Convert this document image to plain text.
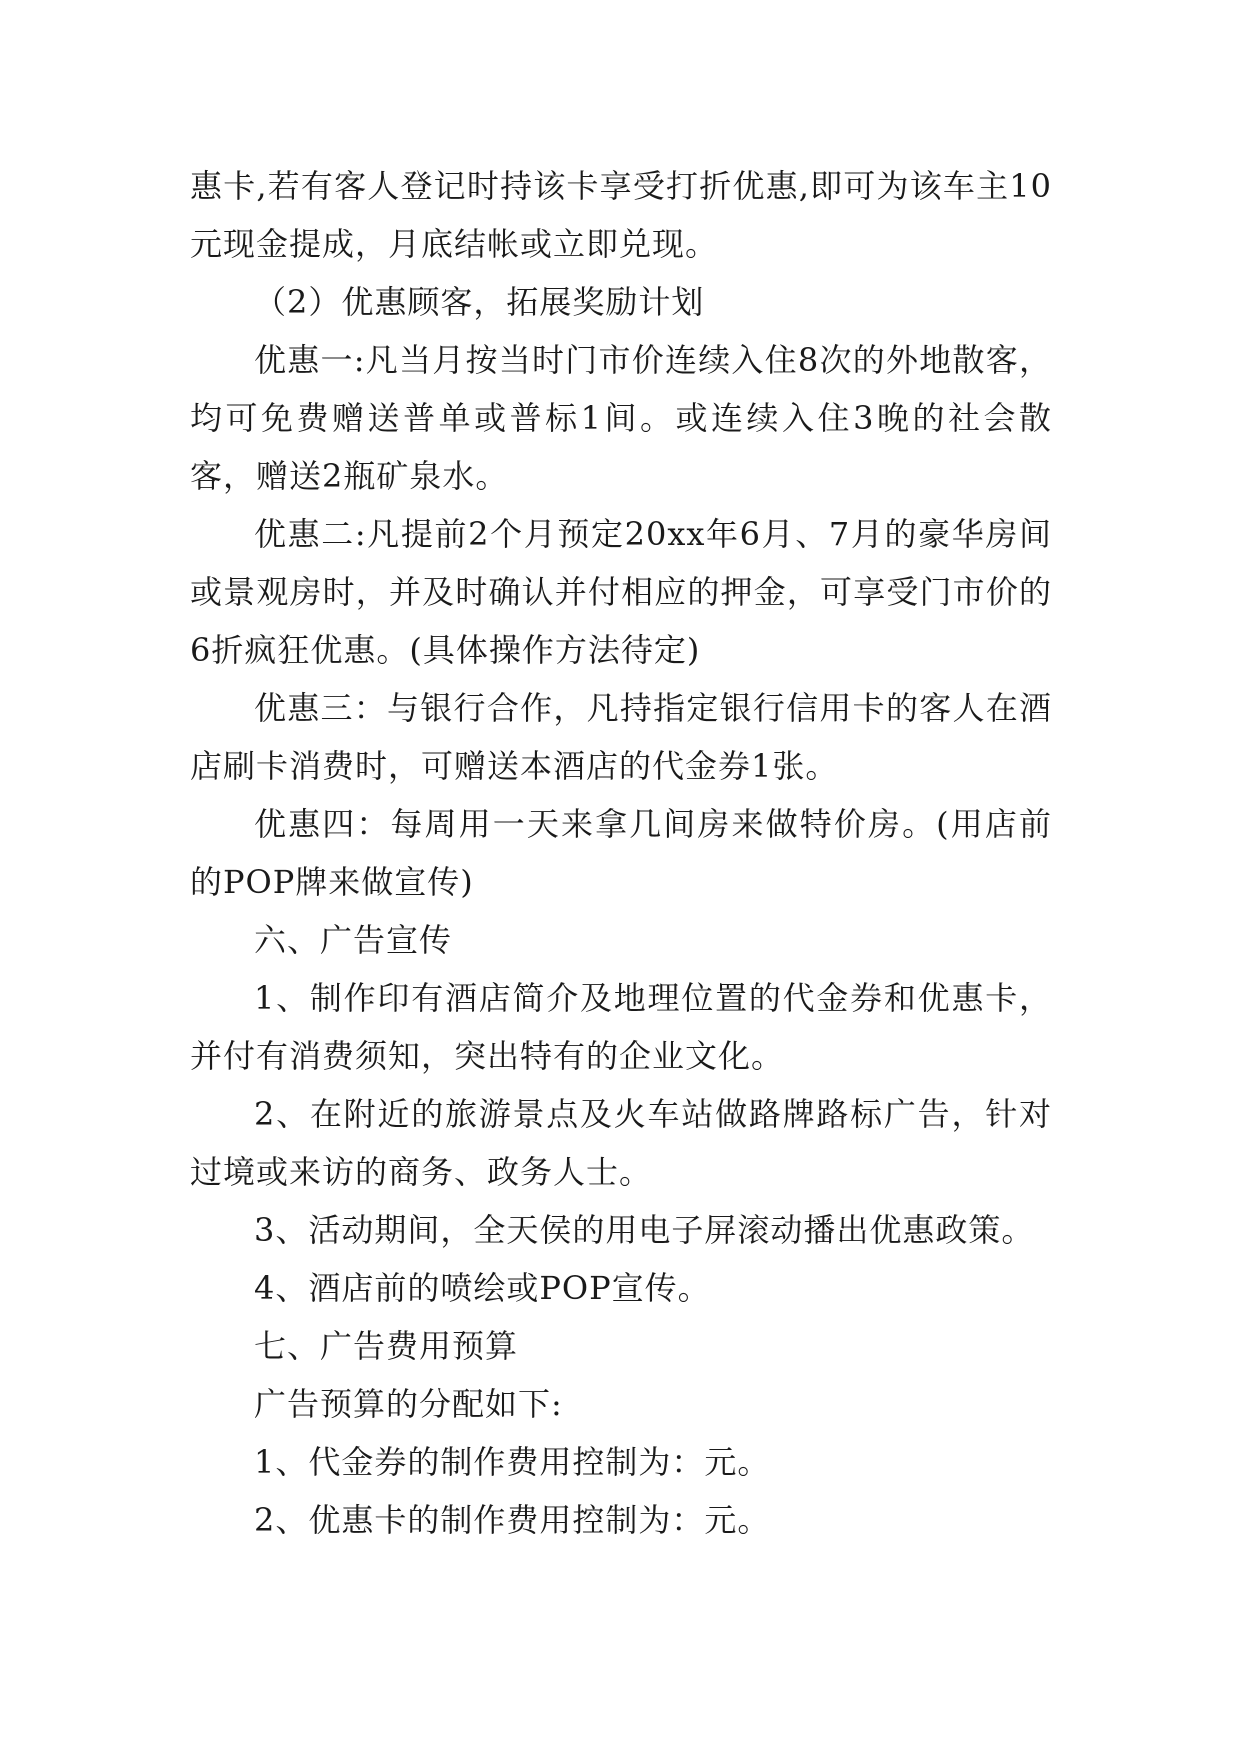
惠卡,若有客人登记时持该卡享受打折优惠,即可为该车主10元现金提成，月底结帐或立即兑现。

（2）优惠顾客，拓展奖励计划

优惠一:凡当月按当时门市价连续入住8次的外地散客，均可免费赠送普单或普标1间。或连续入住3晚的社会散客，赠送2瓶矿泉水。

优惠二:凡提前2个月预定20xx年6月、7月的豪华房间或景观房时，并及时确认并付相应的押金，可享受门市价的6折疯狂优惠。(具体操作方法待定)

优惠三：与银行合作，凡持指定银行信用卡的客人在酒店刷卡消费时，可赠送本酒店的代金券1张。

优惠四：每周用一天来拿几间房来做特价房。(用店前的POP牌来做宣传)

六、广告宣传

1、制作印有酒店简介及地理位置的代金券和优惠卡，并付有消费须知，突出特有的企业文化。

2、在附近的旅游景点及火车站做路牌路标广告，针对过境或来访的商务、政务人士。

3、活动期间，全天侯的用电子屏滚动播出优惠政策。

4、酒店前的喷绘或POP宣传。

七、广告费用预算

广告预算的分配如下:

1、代金券的制作费用控制为：元。

2、优惠卡的制作费用控制为：元。
